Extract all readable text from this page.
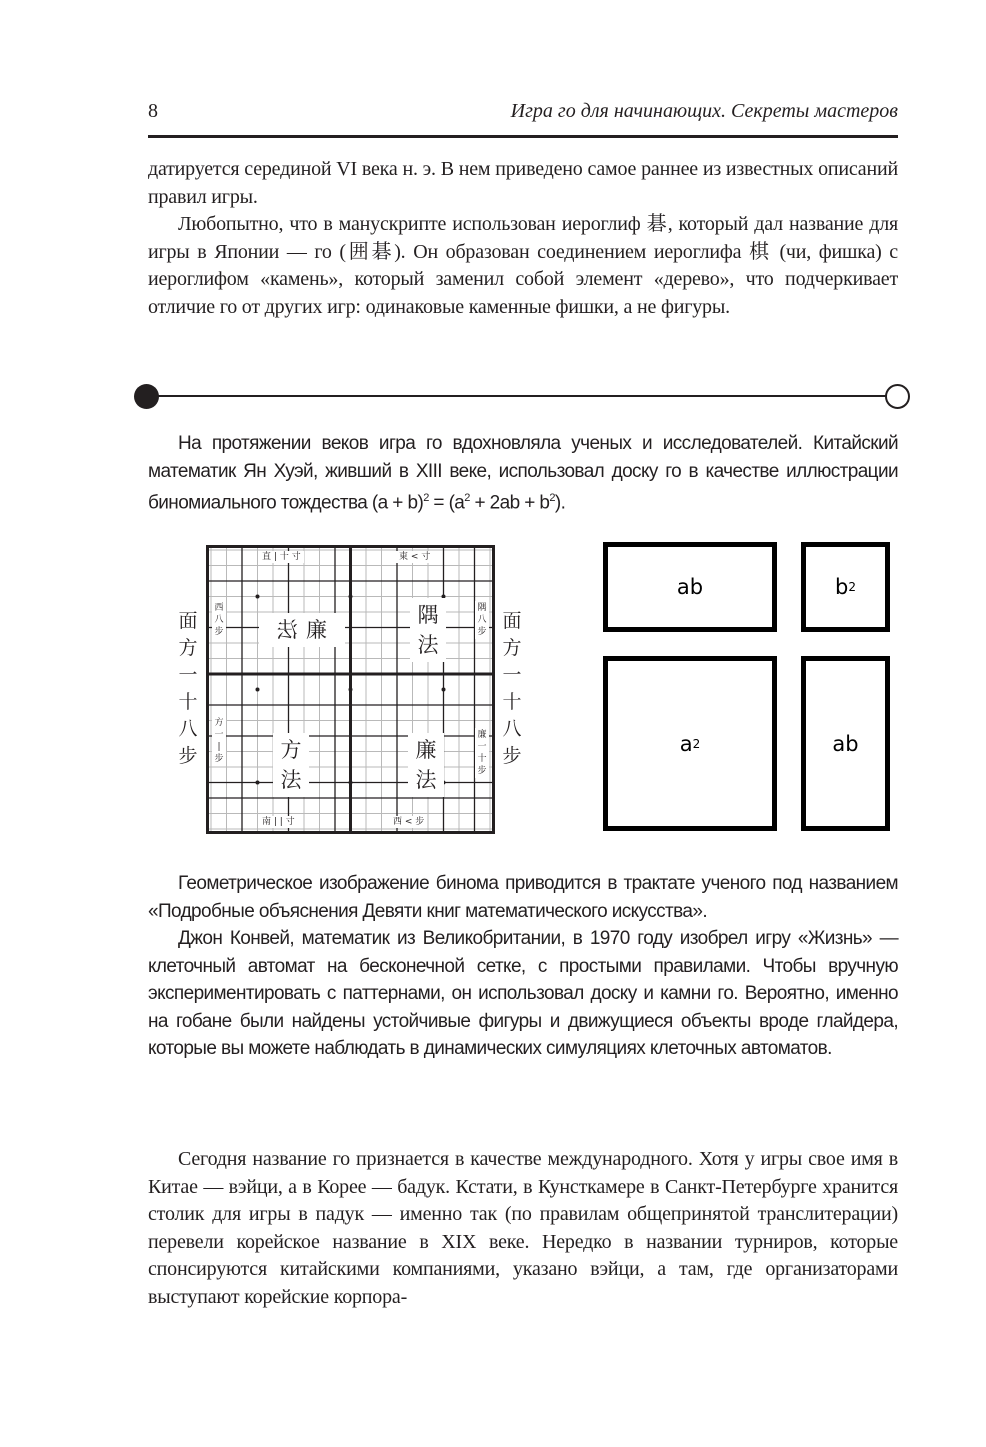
8	Игра го для начинающих. Секреты мастеров

датируется серединой VI века н. э. В нем приведено самое раннее из известных описаний правил игры.

Любопытно, что в манускрипте использован иероглиф 碁, который дал название для игры в Японии — го (囲碁). Он образован соединением иероглифа 棋 (чи, фишка) с иероглифом «камень», который заменил собой элемент «дерево», что подчеркивает отличие го от других игр: одинаковые каменные фишки, а не фигуры.

На протяжении веков игра го вдохновляла ученых и исследователей. Китайский математик Ян Хуэй, живший в XIII веке, использовал доску го в качестве иллюстрации биномиального тождества $(a + b)^2 = (a^2 + 2ab + b^2)$.

面
方
一
十
八
步
面
方
一
十
八
步
法 廉
隅
法
方
法
廉
法
直 | 十 寸	東 < 寸
南 | | 寸	西 < 步
西
八
步
方
一
|
步
隅
八
步
廉
一
十
步
ab	b 2
a 2	ab

Геометрическое изображение бинома приводится в трактате ученого под названием «Подробные объяснения Девяти книг математического искусства».

Джон Конвей, математик из Великобритании, в 1970 году изобрел игру «Жизнь» — клеточный автомат на бесконечной сетке, с простыми правилами. Чтобы вручную экспериментировать с паттернами, он использовал доску и камни го. Вероятно, именно на гобане были найдены устойчивые фигуры и движущиеся объекты вроде глайдера, которые вы можете наблюдать в динамических симуляциях клеточных автоматов.

Сегодня название го признается в качестве международного. Хотя у игры свое имя в Китае — вэйци, а в Корее — бадук. Кстати, в Кунсткамере в Санкт-Петербурге хранится столик для игры в падук — именно так (по правилам общепринятой транслитерации) перевели корейское название в XIX веке. Нередко в названии турниров, которые спонсируются китайскими компаниями, указано вэйци, а там, где организаторами выступают корейские корпора-
